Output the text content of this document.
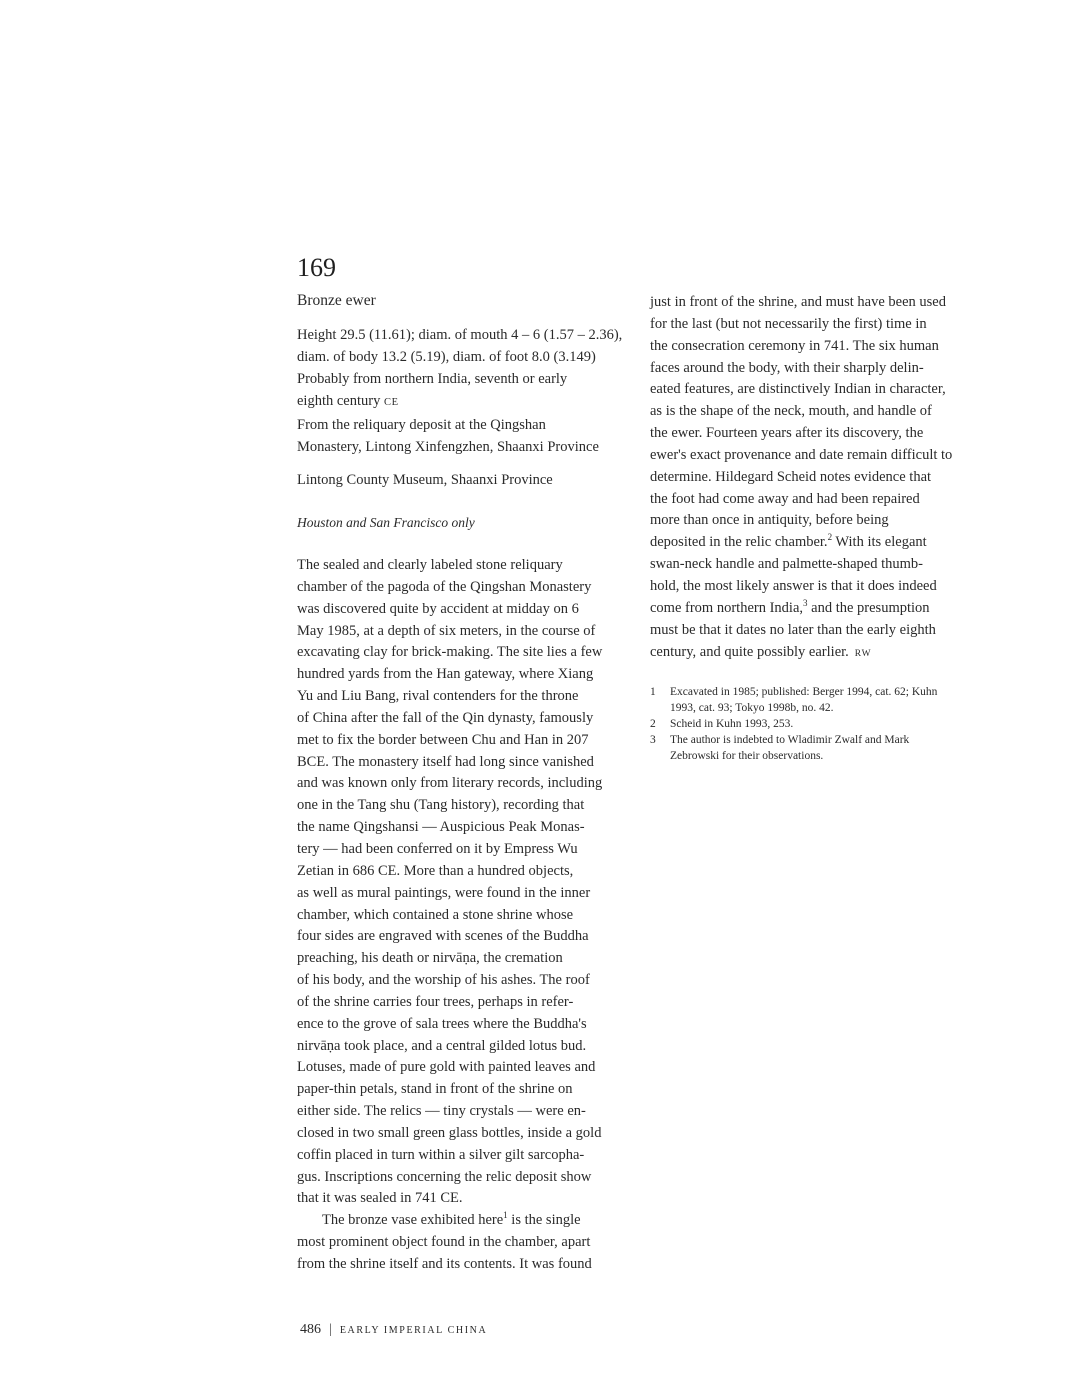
169
Bronze ewer
Height 29.5 (11.61); diam. of mouth 4 – 6 (1.57 – 2.36),
diam. of body 13.2 (5.19), diam. of foot 8.0 (3.149)
Probably from northern India, seventh or early
eighth century CE
From the reliquary deposit at the Qingshan
Monastery, Lintong Xinfengzhen, Shaanxi Province
Lintong County Museum, Shaanxi Province
Houston and San Francisco only
The sealed and clearly labeled stone reliquary
chamber of the pagoda of the Qingshan Monastery
was discovered quite by accident at midday on 6
May 1985, at a depth of six meters, in the course of
excavating clay for brick-making. The site lies a few
hundred yards from the Han gateway, where Xiang
Yu and Liu Bang, rival contenders for the throne
of China after the fall of the Qin dynasty, famously
met to fix the border between Chu and Han in 207
BCE. The monastery itself had long since vanished
and was known only from literary records, including
one in the Tang shu (Tang history), recording that
the name Qingshansi — Auspicious Peak Monas-
tery — had been conferred on it by Empress Wu
Zetian in 686 CE. More than a hundred objects,
as well as mural paintings, were found in the inner
chamber, which contained a stone shrine whose
four sides are engraved with scenes of the Buddha
preaching, his death or nirvāṇa, the cremation
of his body, and the worship of his ashes. The roof
of the shrine carries four trees, perhaps in refer-
ence to the grove of sala trees where the Buddha's
nirvāṇa took place, and a central gilded lotus bud.
Lotuses, made of pure gold with painted leaves and
paper-thin petals, stand in front of the shrine on
either side. The relics — tiny crystals — were en-
closed in two small green glass bottles, inside a gold
coffin placed in turn within a silver gilt sarcopha-
gus. Inscriptions concerning the relic deposit show
that it was sealed in 741 CE.
The bronze vase exhibited here$^1$ is the single
most prominent object found in the chamber, apart
from the shrine itself and its contents. It was found
just in front of the shrine, and must have been used
for the last (but not necessarily the first) time in
the consecration ceremony in 741. The six human
faces around the body, with their sharply delin-
eated features, are distinctively Indian in character,
as is the shape of the neck, mouth, and handle of
the ewer. Fourteen years after its discovery, the
ewer's exact provenance and date remain difficult to
determine. Hildegard Scheid notes evidence that
the foot had come away and had been repaired
more than once in antiquity, before being
deposited in the relic chamber.$^2$ With its elegant
swan-neck handle and palmette-shaped thumb-
hold, the most likely answer is that it does indeed
come from northern India,$^3$ and the presumption
must be that it dates no later than the early eighth
century, and quite possibly earlier. RW
1	Excavated in 1985; published: Berger 1994, cat. 62; Kuhn
1993, cat. 93; Tokyo 1998b, no. 42.
2	Scheid in Kuhn 1993, 253.
3	The author is indebted to Wladimir Zwalf and Mark
Zebrowski for their observations.
486 | EARLY IMPERIAL CHINA
